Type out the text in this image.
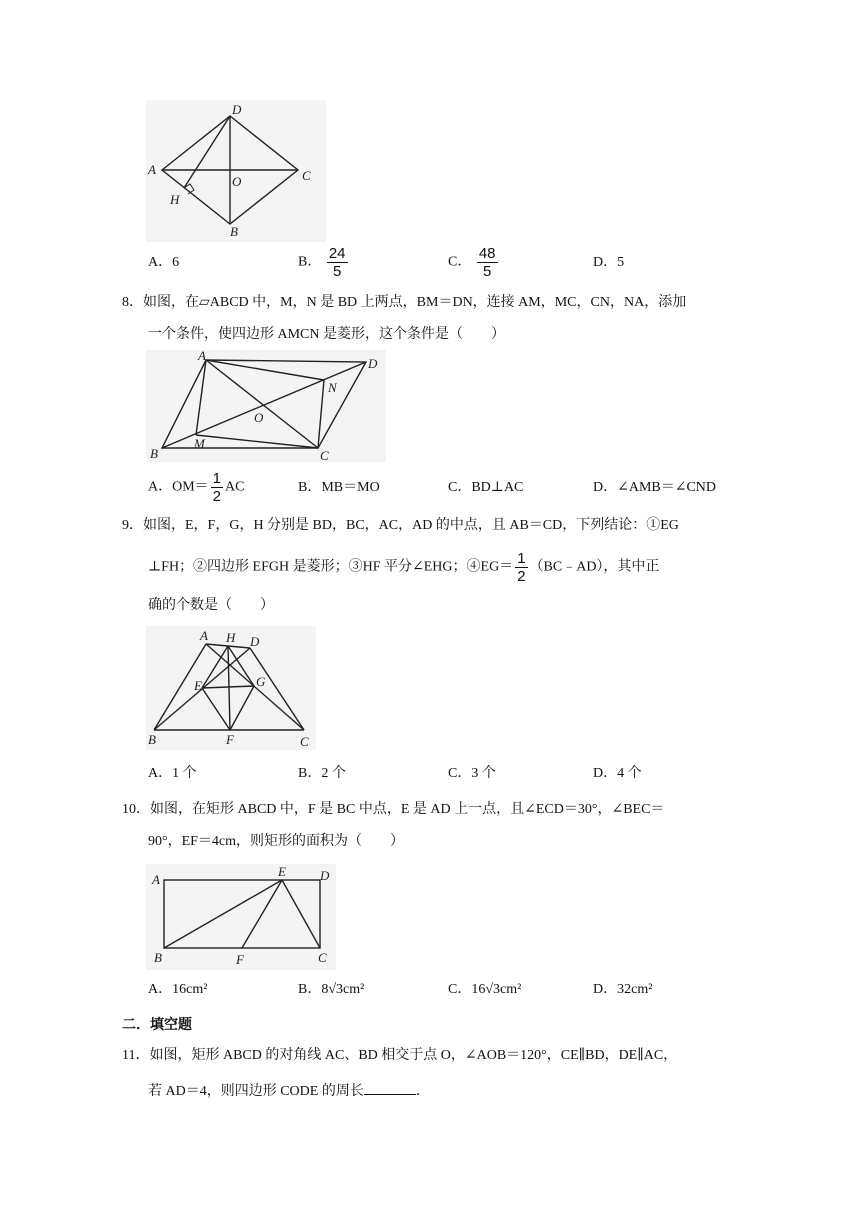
D
A
O	C
H
B
A．6	B． $\frac{24}{5}$	C． $\frac{48}{5}$	D．5
8．如图，在▱ABCD 中，M，N 是 BD 上两点，BM＝DN，连接 AM，MC，CN，NA，添加
一个条件，使四边形 AMCN 是菱形，这个条件是（　　）
A
D
N
O
B
M
C
A．$OM= \frac{1}{2}$ AC	B．MB＝MO	C．BD⊥AC	D．∠AMB＝∠CND
9．如图，E，F，G，H 分别是 BD，BC，AC，AD 的中点，且 AB＝CD，下列结论：①EG
⊥FH；②四边形 EFGH 是菱形；③HF 平分∠EHG；④EG＝ $\frac{1}{2}$ （BC﹣AD），其中正
确的个数是（　　）
A H D
E	G
B	F	C
A．1 个	B．2 个	C．3 个	D．4 个
10．如图，在矩形 ABCD 中，F 是 BC 中点，E 是 AD 上一点，且∠ECD＝30°，∠BEC＝
90°，EF＝4cm，则矩形的面积为（　　）
A
E	D
B	F	C
A．16cm²	B．8√3cm²	C．16√3cm²	D．32cm²
二．填空题
11．如图，矩形 ABCD 的对角线 AC、BD 相交于点 O，∠AOB＝120°，CE∥BD，DE∥AC，
若 AD＝4，则四边形 CODE 的周长	．
